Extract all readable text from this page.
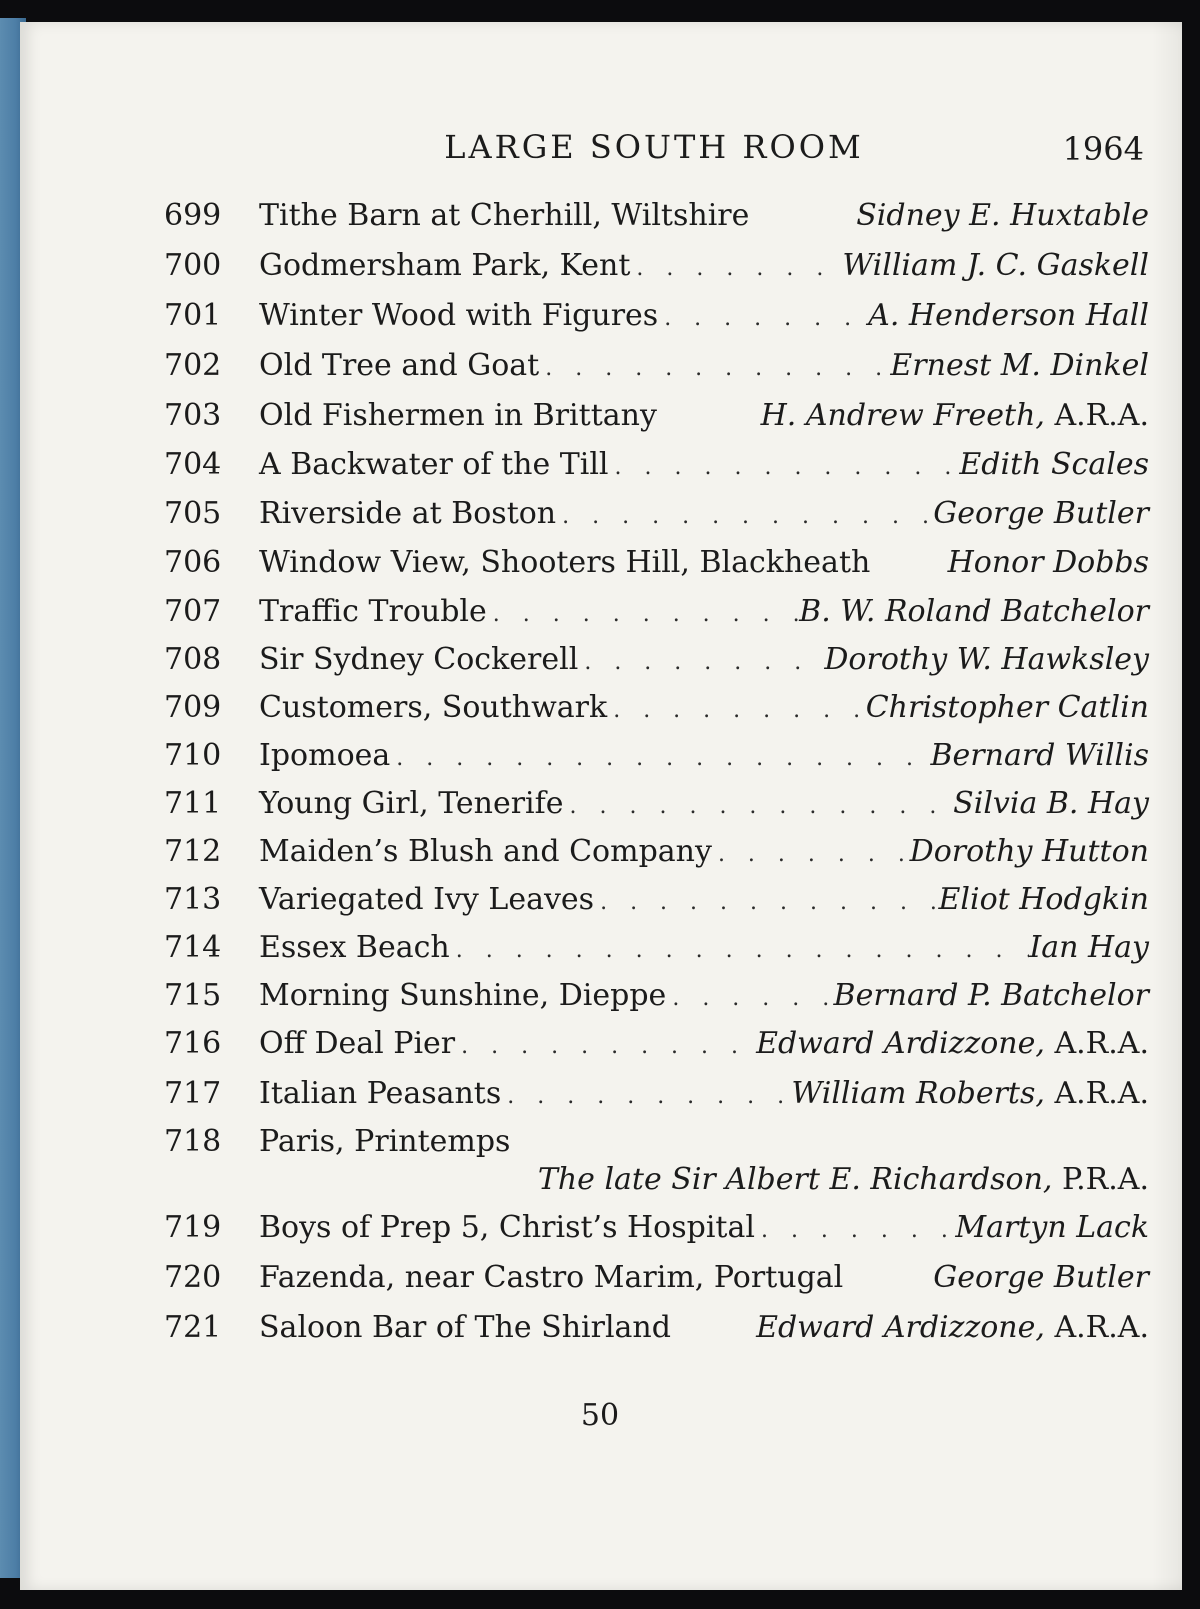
LARGE SOUTH ROOM	1964
699	Tithe Barn at Cherhill, Wiltshire	Sidney E. Huxtable
700	Godmersham Park, Kent . . .	William J. C. Gaskell
701	Winter Wood with Figures . . .	A. Henderson Hall
702	Old Tree and Goat . . .	Ernest M. Dinkel
703	Old Fishermen in Brittany	H. Andrew Freeth, A.R.A.
704	A Backwater of the Till . . .	Edith Scales
705	Riverside at Boston . . .	George Butler
706	Window View, Shooters Hill, Blackheath	Honor Dobbs
707	Traffic Trouble . . .	B. W. Roland Batchelor
708	Sir Sydney Cockerell . . .	Dorothy W. Hawksley
709	Customers, Southwark . . .	Christopher Catlin
710	Ipomoea . . .	Bernard Willis
711	Young Girl, Tenerife . . .	Silvia B. Hay
712	Maiden’s Blush and Company . . .	Dorothy Hutton
713	Variegated Ivy Leaves . . .	Eliot Hodgkin
714	Essex Beach . . .	Ian Hay
715	Morning Sunshine, Dieppe . . .	Bernard P. Batchelor
716	Off Deal Pier . . .	Edward Ardizzone, A.R.A.
717	Italian Peasants . . .	William Roberts, A.R.A.
718	Paris, Printemps
The late Sir Albert E. Richardson, P.R.A.
719	Boys of Prep 5, Christ’s Hospital . . .	Martyn Lack
720	Fazenda, near Castro Marim, Portugal	George Butler
721	Saloon Bar of The Shirland	Edward Ardizzone, A.R.A.
50
